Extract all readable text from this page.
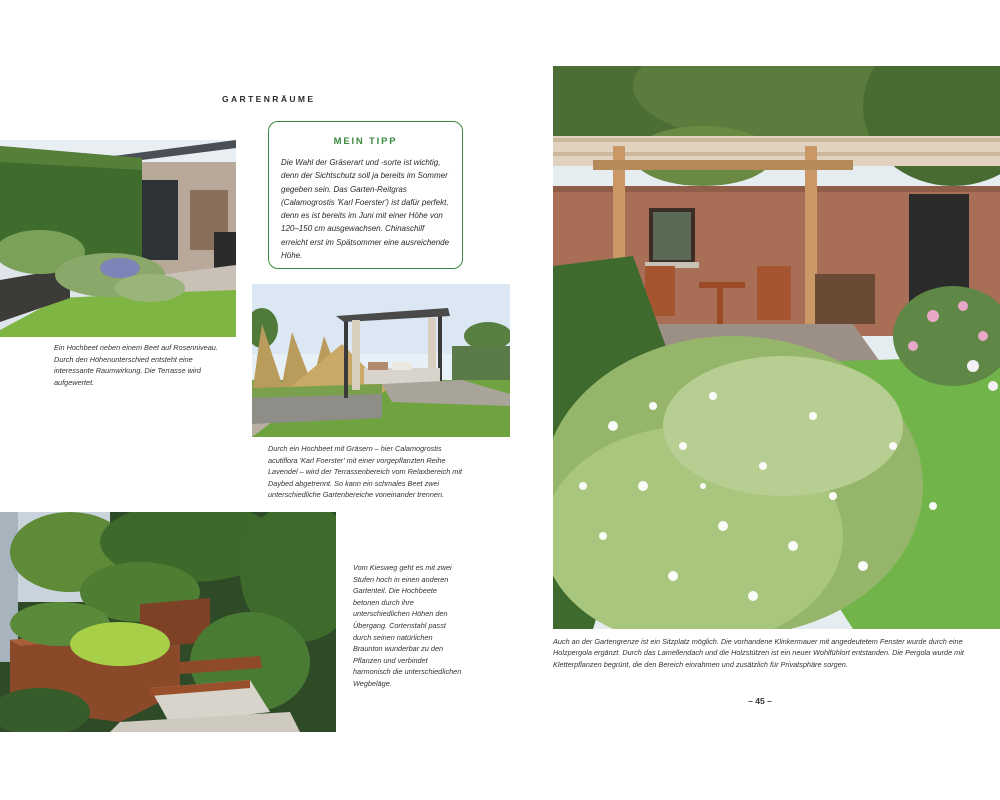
GARTENRÄUME

Ein Hochbeet neben einem Beet auf Rosenniveau. Durch den Höhenunterschied entsteht eine interessante Raumwirkung. Die Terrasse wird aufgewertet.

MEIN TIPP

Die Wahl der Gräserart und -sorte ist wichtig, denn der Sichtschutz soll ja bereits im Sommer gegeben sein. Das Garten-Reitgras (Calamogrostis 'Karl Foerster') ist dafür perfekt, denn es ist bereits im Juni mit einer Höhe von 120–150 cm ausgewachsen. Chinaschilf erreicht erst im Spätsommer eine ausreichende Höhe.

Durch ein Hochbeet mit Gräsern – hier Calamogrostis acutiflora 'Karl Foerster' mit einer vorgepflanzten Reihe Lavendel – wird der Terrassenbereich vom Relaxbereich mit Daybed abgetrennt. So kann ein schmales Beet zwei unterschiedliche Gartenbereiche voneinander trennen.

Vom Kiesweg geht es mit zwei Stufen hoch in einen anderen Gartenteil. Die Hochbeete betonen durch ihre unterschiedlichen Höhen den Übergang. Cortenstahl passt durch seinen natürlichen Braunton wunderbar zu den Pflanzen und verbindet harmonisch die unterschiedlichen Wegbeläge.

Auch an der Gartengrenze ist ein Sitzplatz möglich. Die vorhandene Klinkermauer mit angedeutetem Fenster wurde durch eine Holzpergola ergänzt. Durch das Lamellendach und die Holzstützen ist ein neuer Wohlfühlort entstanden. Die Pergola wurde mit Kletterpflanzen begrünt, die den Bereich einrahmen und zusätzlich für Privatsphäre sorgen.

– 45 –
